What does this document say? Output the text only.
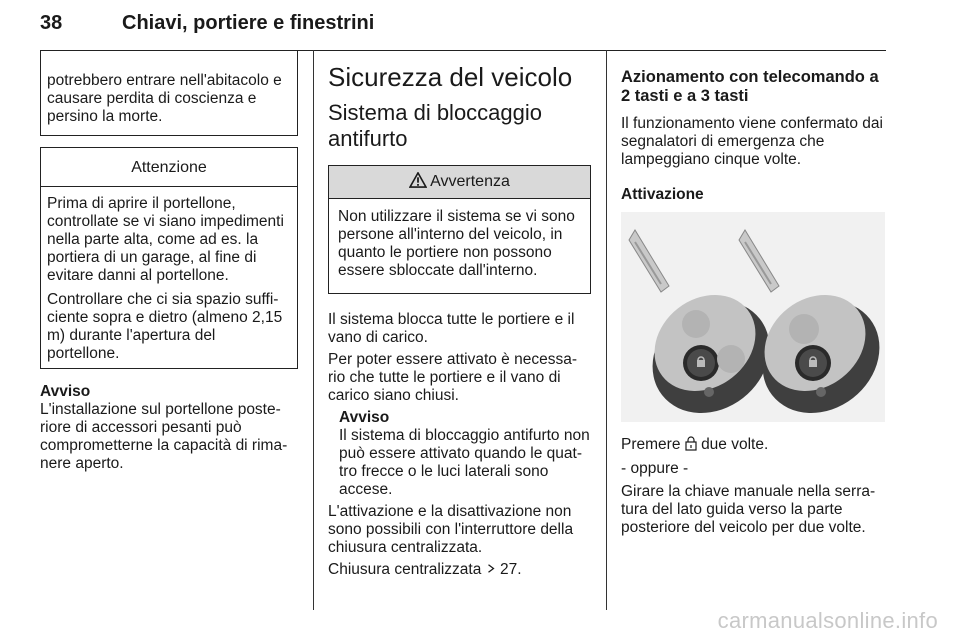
38	Chiavi, portiere e finestrini

potrebbero entrare nell'abitacolo e causare perdita di coscienza e persino la morte.

Attenzione

Prima di aprire il portellone, controllate se vi siano impedimenti nella parte alta, come ad es. la portiera di un garage, al fine di evitare danni al portellone.

Controllare che ci sia spazio suffi- ciente sopra e dietro (almeno 2,15 m) durante l'apertura del portellone.

Avviso

L'installazione sul portellone poste- riore di accessori pesanti può comprometterne la capacità di rima- nere aperto.

Sicurezza del veicolo
Sistema di bloccaggio antifurto
Avvertenza

Non utilizzare il sistema se vi sono persone all'interno del veicolo, in quanto le portiere non possono essere sbloccate dall'interno.

Il sistema blocca tutte le portiere e il vano di carico.

Per poter essere attivato è necessa- rio che tutte le portiere e il vano di carico siano chiusi.

Avviso

Il sistema di bloccaggio antifurto non può essere attivato quando le quat- tro frecce o le luci laterali sono accese.

L'attivazione e la disattivazione non sono possibili con l'interruttore della chiusura centralizzata.

Chiusura centralizzata 27.

Azionamento con telecomando a 2 tasti e a 3 tasti

Il funzionamento viene confermato dai segnalatori di emergenza che lampeggiano cinque volte.

Attivazione

Premere due volte.

- oppure -

Girare la chiave manuale nella serra- tura del lato guida verso la parte posteriore del veicolo per due volte.

carmanualsonline.info
